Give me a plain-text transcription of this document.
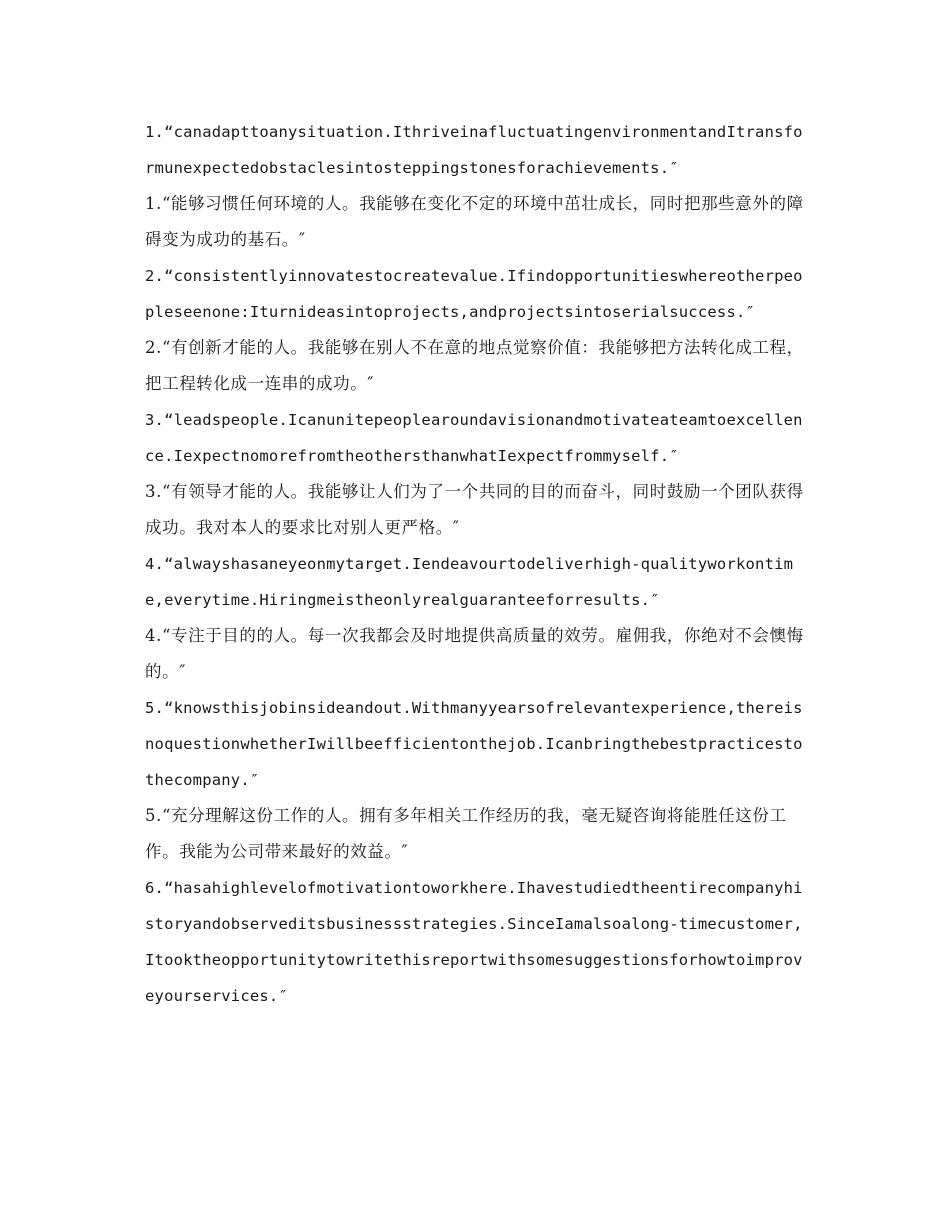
1.“canadapttoanysituation.IthriveinafluctuatingenvironmentandItransformunexpectedobstaclesintosteppingstonesforachievements.″

1.“能够习惯任何环境的人。我能够在变化不定的环境中茁壮成长，同时把那些意外的障碍变为成功的基石。″

2.“consistentlyinnovatestocreatevalue.Ifindopportunitieswhereotherpeopleseenone:Iturnideasintoprojects,andprojectsintoserialsuccess.″

2.“有创新才能的人。我能够在别人不在意的地点觉察价值：我能够把方法转化成工程，把工程转化成一连串的成功。″

3.“leadspeople.Icanunitepeoplearoundavisionandmotivateateamtoexcellence.IexpectnomorefromtheothersthanwhatIexpectfrommyself.″

3.“有领导才能的人。我能够让人们为了一个共同的目的而奋斗，同时鼓励一个团队获得成功。我对本人的要求比对别人更严格。″

4.“alwayshasaneyeonmytarget.Iendeavourtodeliverhigh-qualityworkontime,everytime.Hiringmeistheonlyrealguaranteeforresults.″

4.“专注于目的的人。每一次我都会及时地提供高质量的效劳。雇佣我，你绝对不会懊悔的。″

5.“knowsthisjobinsideandout.Withmanyyearsofrelevantexperience,thereisnoquestionwhetherIwillbeefficientonthejob.Icanbringthebestpracticestothecompany.″

5.“充分理解这份工作的人。拥有多年相关工作经历的我，毫无疑咨询将能胜任这份工作。我能为公司带来最好的效益。″

6.“hasahighlevelofmotivationtoworkhere.Ihavestudiedtheentirecompanyhistoryandobserveditsbusinessstrategies.SinceIamalsoalong-timecustomer,Itooktheopportunitytowritethisreportwithsomesuggestionsforhowtoimproveyourservices.″
